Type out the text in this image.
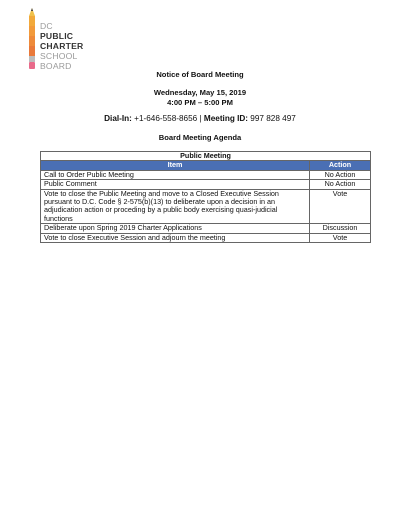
DC
PUBLIC
CHARTER
SCHOOL
BOARD
Notice of Board Meeting
Wednesday, May 15, 2019
4:00 PM – 5:00 PM
Dial-In: +1-646-558-8656 | Meeting ID: 997 828 497
Board Meeting Agenda
Public Meeting	
Item	Action
Call to Order Public Meeting	No Action
Public Comment	No Action
Vote to close the Public Meeting and move to a Closed Executive Session pursuant to D.C. Code § 2-575(b)(13) to deliberate upon a decision in an adjudication action or proceding by a public body exercising quasi-judicial functions	Vote
Deliberate upon Spring 2019 Charter Applications	Discussion
Vote to close Executive Session and adjourn the meeting	Vote
